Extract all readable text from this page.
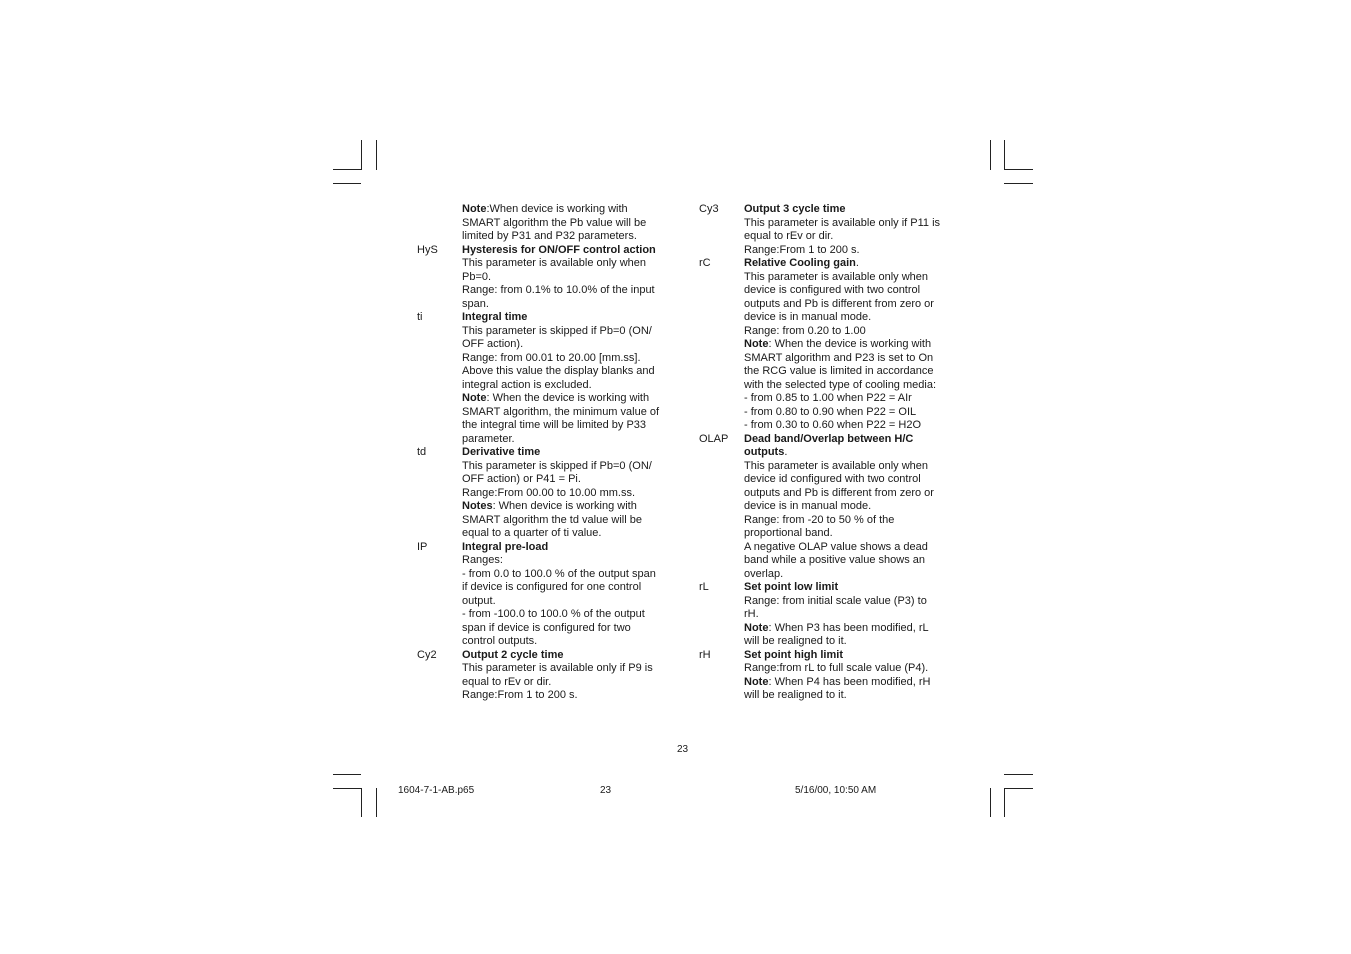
Note:When device is working with
SMART algorithm the Pb value will be
limited by P31 and P32 parameters.
HyS	Hysteresis for ON/OFF control action
This parameter is available only when
Pb=0.
Range: from 0.1% to 10.0% of the input
span.
ti	Integral time
This parameter is skipped if Pb=0 (ON/
OFF action).
Range: from 00.01 to 20.00 [mm.ss].
Above this value the display blanks and
integral action is excluded.
Note: When the device is working with
SMART algorithm, the minimum value of
the integral time will be limited by P33
parameter.
td	Derivative time
This parameter is skipped if Pb=0 (ON/
OFF action) or P41 = Pi.
Range:From 00.00 to 10.00 mm.ss.
Notes: When device is working with
SMART algorithm the td value will be
equal to a quarter of ti value.
IP	Integral pre-load
Ranges:
- from 0.0 to 100.0 % of the output span
if device is configured for one control
output.
- from -100.0 to 100.0 % of the output
span if device is configured for two
control outputs.
Cy2	Output 2 cycle time
This parameter is available only if P9 is
equal to rEv or dir.
Range:From 1 to 200 s.
Cy3	Output 3 cycle time
This parameter is available only if P11 is
equal to rEv or dir.
Range:From 1 to 200 s.
rC	Relative Cooling gain.
This parameter is available only when
device is configured with two control
outputs and Pb is different from zero or
device is in manual mode.
Range: from 0.20 to 1.00
Note: When the device is working with
SMART algorithm and P23 is set to On
the RCG value is limited in accordance
with the selected type of cooling media:
- from 0.85 to 1.00 when P22 = AIr
- from 0.80 to 0.90 when P22 = OIL
- from 0.30 to 0.60 when P22 = H2O
OLAP	Dead band/Overlap between H/C
outputs.
This parameter is available only when
device id configured with two control
outputs and Pb is different from zero or
device is in manual mode.
Range: from -20 to 50 % of the
proportional band.
A negative OLAP value shows a dead
band while a positive value shows an
overlap.
rL	Set point low limit
Range: from initial scale value (P3) to
rH.
Note: When P3 has been modified, rL
will be realigned to it.
rH	Set point high limit
Range:from rL to full scale value (P4).
Note: When P4 has been modified, rH
will be realigned to it.
23
1604-7-1-AB.p65	23	5/16/00, 10:50 AM
